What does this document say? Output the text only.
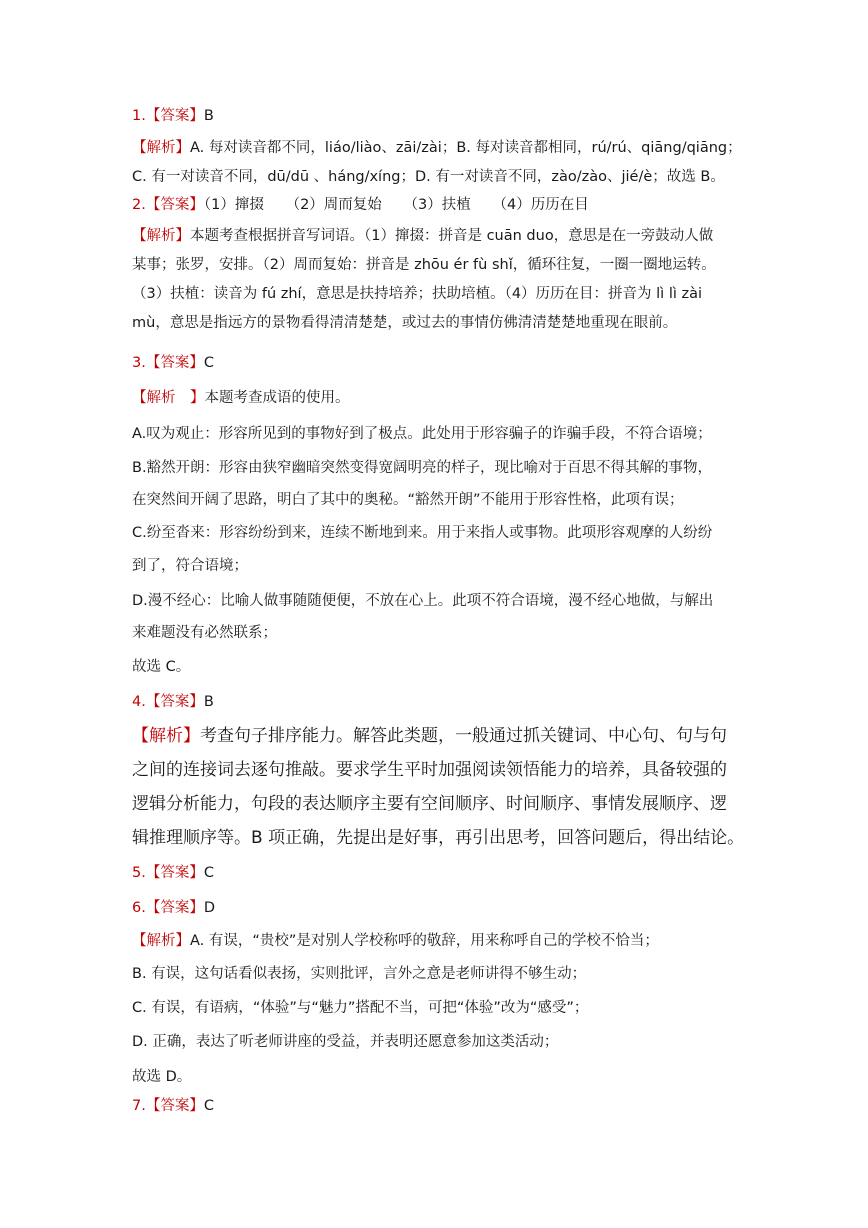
1.【答案】B
【解析】A. 每对读音都不同，liáo/liào、zāi/zài；B. 每对读音都相同，rú/rú、qiāng/qiāng；
C. 有一对读音不同，dū/dū 、háng/xíng；D. 有一对读音不同，zào/zào、jié/è；故选 B。
2.【答案】（1）撺掇　　（2）周而复始　　（3）扶植　　（4）历历在目
【解析】本题考查根据拼音写词语。（1）撺掇：拼音是 cuān duo，意思是在一旁鼓动人做
某事；张罗，安排。（2）周而复始：拼音是 zhōu ér fù shǐ，循环往复，一圈一圈地运转。
（3）扶植：读音为 fú zhí，意思是扶持培养；扶助培植。（4）历历在目：拼音为 lì lì zài
mù，意思是指远方的景物看得清清楚楚，或过去的事情仿佛清清楚楚地重现在眼前。
3.【答案】C
【解析　】本题考查成语的使用。
A.叹为观止：形容所见到的事物好到了极点。此处用于形容骗子的诈骗手段，不符合语境；
B.豁然开朗：形容由狭窄幽暗突然变得宽阔明亮的样子，现比喻对于百思不得其解的事物，
在突然间开阔了思路，明白了其中的奥秘。“豁然开朗”不能用于形容性格，此项有误；
C.纷至沓来：形容纷纷到来，连续不断地到来。用于来指人或事物。此项形容观摩的人纷纷
到了，符合语境；
D.漫不经心：比喻人做事随随便便，不放在心上。此项不符合语境，漫不经心地做，与解出
来难题没有必然联系；
故选 C。
4.【答案】B
【解析】考查句子排序能力。解答此类题，一般通过抓关键词、中心句、句与句
之间的连接词去逐句推敲。要求学生平时加强阅读领悟能力的培养，具备较强的
逻辑分析能力，句段的表达顺序主要有空间顺序、时间顺序、事情发展顺序、逻
辑推理顺序等。B 项正确，先提出是好事，再引出思考，回答问题后，得出结论。
5.【答案】C
6.【答案】D
【解析】A. 有误，“贵校”是对别人学校称呼的敬辞，用来称呼自己的学校不恰当；
B. 有误，这句话看似表扬，实则批评，言外之意是老师讲得不够生动；
C. 有误，有语病，“体验”与“魅力”搭配不当，可把“体验”改为“感受”；
D. 正确，表达了听老师讲座的受益，并表明还愿意参加这类活动；
故选 D。
7.【答案】C
